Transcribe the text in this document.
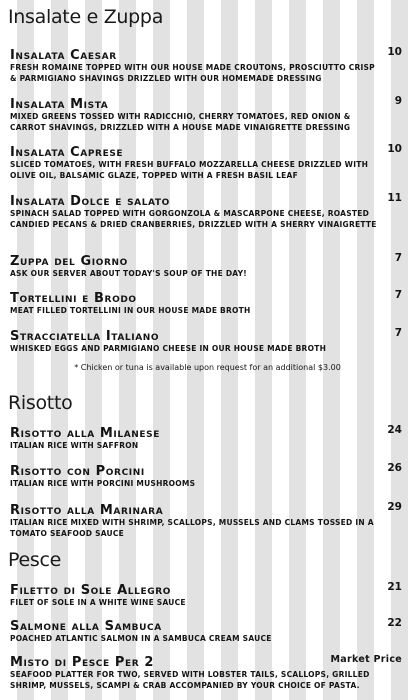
Insalate e Zuppa
Insalata Caesar	10
FRESH ROMAINE TOPPED WITH OUR HOUSE MADE CROUTONS, PROSCIUTTO CRISP & PARMIGIANO SHAVINGS DRIZZLED WITH OUR HOMEMADE DRESSING
Insalata Mista	9
MIXED GREENS TOSSED WITH RADICCHIO, CHERRY TOMATOES, RED ONION & CARROT SHAVINGS, DRIZZLED WITH A HOUSE MADE VINAIGRETTE DRESSING
Insalata Caprese	10
SLICED TOMATOES, WITH FRESH BUFFALO MOZZARELLA CHEESE DRIZZLED WITH OLIVE OIL, BALSAMIC GLAZE, TOPPED WITH A FRESH BASIL LEAF
Insalata Dolce e salato	11
SPINACH SALAD TOPPED WITH GORGONZOLA & MASCARPONE CHEESE, ROASTED CANDIED PECANS & DRIED CRANBERRIES, DRIZZLED WITH A SHERRY VINAIGRETTE
Zuppa del Giorno	7
ASK OUR SERVER ABOUT TODAY'S SOUP OF THE DAY!
Tortellini e Brodo	7
MEAT FILLED TORTELLINI IN OUR HOUSE MADE BROTH
Stracciatella Italiano	7
WHISKED EGGS AND PARMIGIANO CHEESE IN OUR HOUSE MADE BROTH
* Chicken or tuna is available upon request for an additional $3.00
Risotto
Risotto alla Milanese	24
ITALIAN RICE WITH SAFFRON
Risotto con Porcini	26
ITALIAN RICE WITH PORCINI MUSHROOMS
Risotto alla Marinara	29
ITALIAN RICE MIXED WITH SHRIMP, SCALLOPS, MUSSELS AND CLAMS TOSSED IN A TOMATO SEAFOOD SAUCE
Pesce
Filetto di Sole Allegro	21
FILET OF SOLE IN A WHITE WINE SAUCE
Salmone alla Sambuca	22
POACHED ATLANTIC SALMON IN A SAMBUCA CREAM SAUCE
Misto di Pesce Per 2	Market Price
SEAFOOD PLATTER FOR TWO, SERVED WITH LOBSTER TAILS, SCALLOPS, GRILLED SHRIMP, MUSSELS, SCAMPI & CRAB ACCOMPANIED BY YOUR CHOICE OF PASTA.
